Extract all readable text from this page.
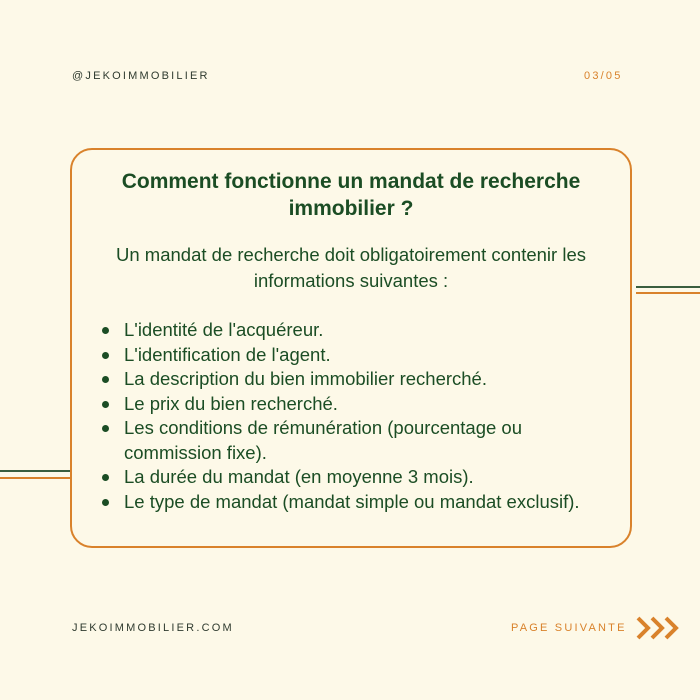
@JEKOIMMOBILIER	03/05
Comment fonctionne un mandat de recherche immobilier ?

Un mandat de recherche doit obligatoirement contenir les informations suivantes :

L'identité de l'acquéreur.
L'identification de l'agent.
La description du bien immobilier recherché.
Le prix du bien recherché.
Les conditions de rémunération (pourcentage ou commission fixe).
La durée du mandat (en moyenne 3 mois).
Le type de mandat (mandat simple ou mandat exclusif).
JEKOIMMOBILIER.COM	PAGE SUIVANTE
